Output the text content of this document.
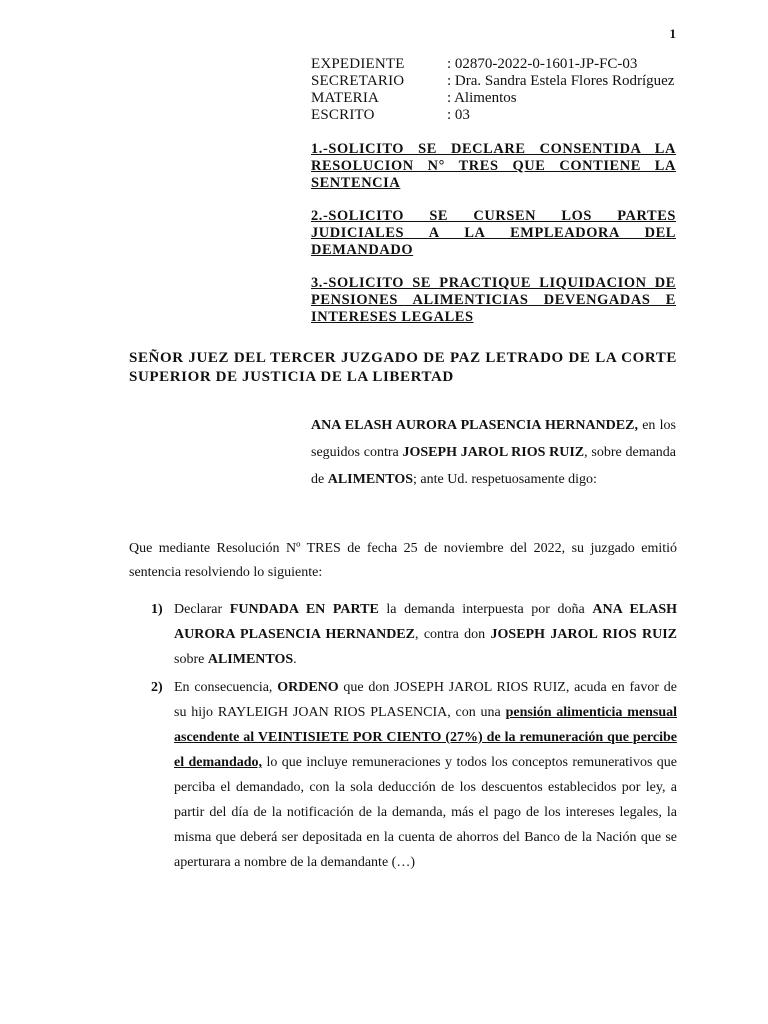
1
EXPEDIENTE	: 02870-2022-0-1601-JP-FC-03
SECRETARIO	: Dra. Sandra Estela Flores Rodríguez
MATERIA	: Alimentos
ESCRITO	: 03
1.-SOLICITO SE DECLARE CONSENTIDA LA RESOLUCION N° TRES QUE CONTIENE LA SENTENCIA
2.-SOLICITO SE CURSEN LOS PARTES JUDICIALES A LA EMPLEADORA DEL DEMANDADO
3.-SOLICITO SE PRACTIQUE LIQUIDACION DE PENSIONES ALIMENTICIAS DEVENGADAS E INTERESES LEGALES
SEÑOR JUEZ DEL TERCER JUZGADO DE PAZ LETRADO DE LA CORTE SUPERIOR DE JUSTICIA DE LA LIBERTAD
ANA ELASH AURORA PLASENCIA HERNANDEZ, en los seguidos contra JOSEPH JAROL RIOS RUIZ, sobre demanda de ALIMENTOS; ante Ud. respetuosamente digo:
Que mediante Resolución Nº TRES de fecha 25 de noviembre del 2022, su juzgado emitió sentencia resolviendo lo siguiente:
1) Declarar FUNDADA EN PARTE la demanda interpuesta por doña ANA ELASH AURORA PLASENCIA HERNANDEZ, contra don JOSEPH JAROL RIOS RUIZ sobre ALIMENTOS.
2) En consecuencia, ORDENO que don JOSEPH JAROL RIOS RUIZ, acuda en favor de su hijo RAYLEIGH JOAN RIOS PLASENCIA, con una pensión alimenticia mensual ascendente al VEINTISIETE POR CIENTO (27%) de la remuneración que percibe el demandado, lo que incluye remuneraciones y todos los conceptos remunerativos que perciba el demandado, con la sola deducción de los descuentos establecidos por ley, a partir del día de la notificación de la demanda, más el pago de los intereses legales, la misma que deberá ser depositada en la cuenta de ahorros del Banco de la Nación que se aperturara a nombre de la demandante (…)
